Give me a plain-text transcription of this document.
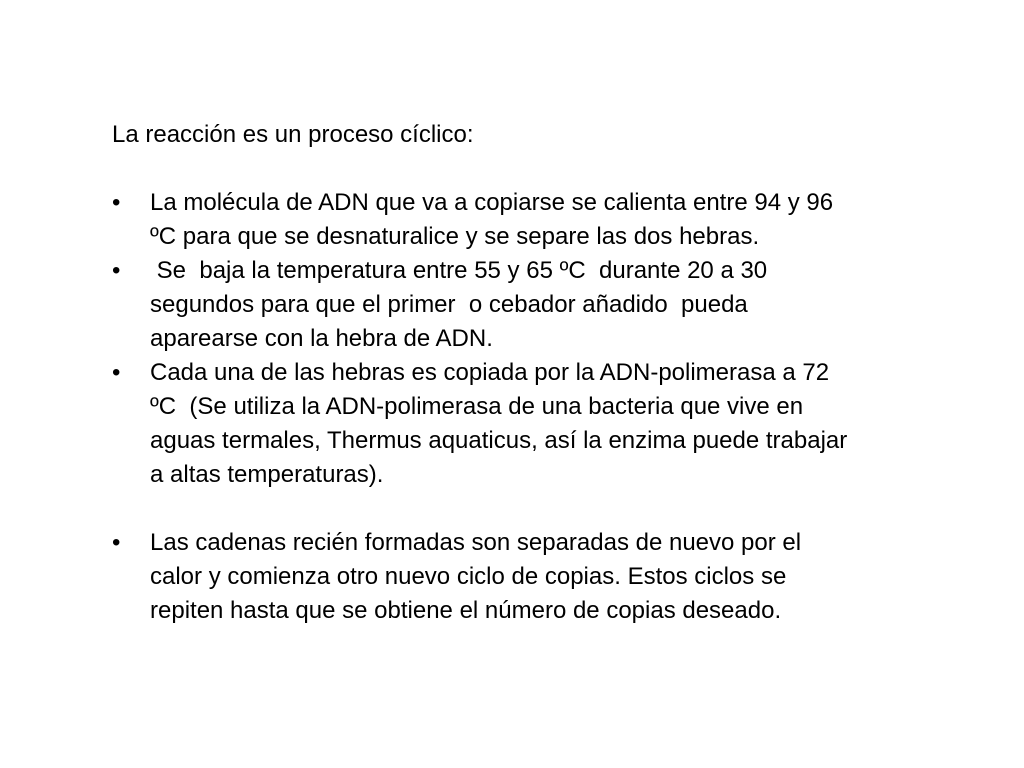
La reacción es un proceso cíclico:

• La molécula de ADN que va a copiarse se calienta entre 94 y 96
ºC para que se desnaturalice y se separe las dos hebras.
• Se  baja la temperatura entre 55 y 65 ºC  durante 20 a 30
segundos para que el primer  o cebador añadido  pueda
aparearse con la hebra de ADN.
• Cada una de las hebras es copiada por la ADN-polimerasa a 72
ºC  (Se utiliza la ADN-polimerasa de una bacteria que vive en
aguas termales, Thermus aquaticus, así la enzima puede trabajar
a altas temperaturas).
• Las cadenas recién formadas son separadas de nuevo por el
calor y comienza otro nuevo ciclo de copias. Estos ciclos se
repiten hasta que se obtiene el número de copias deseado.
